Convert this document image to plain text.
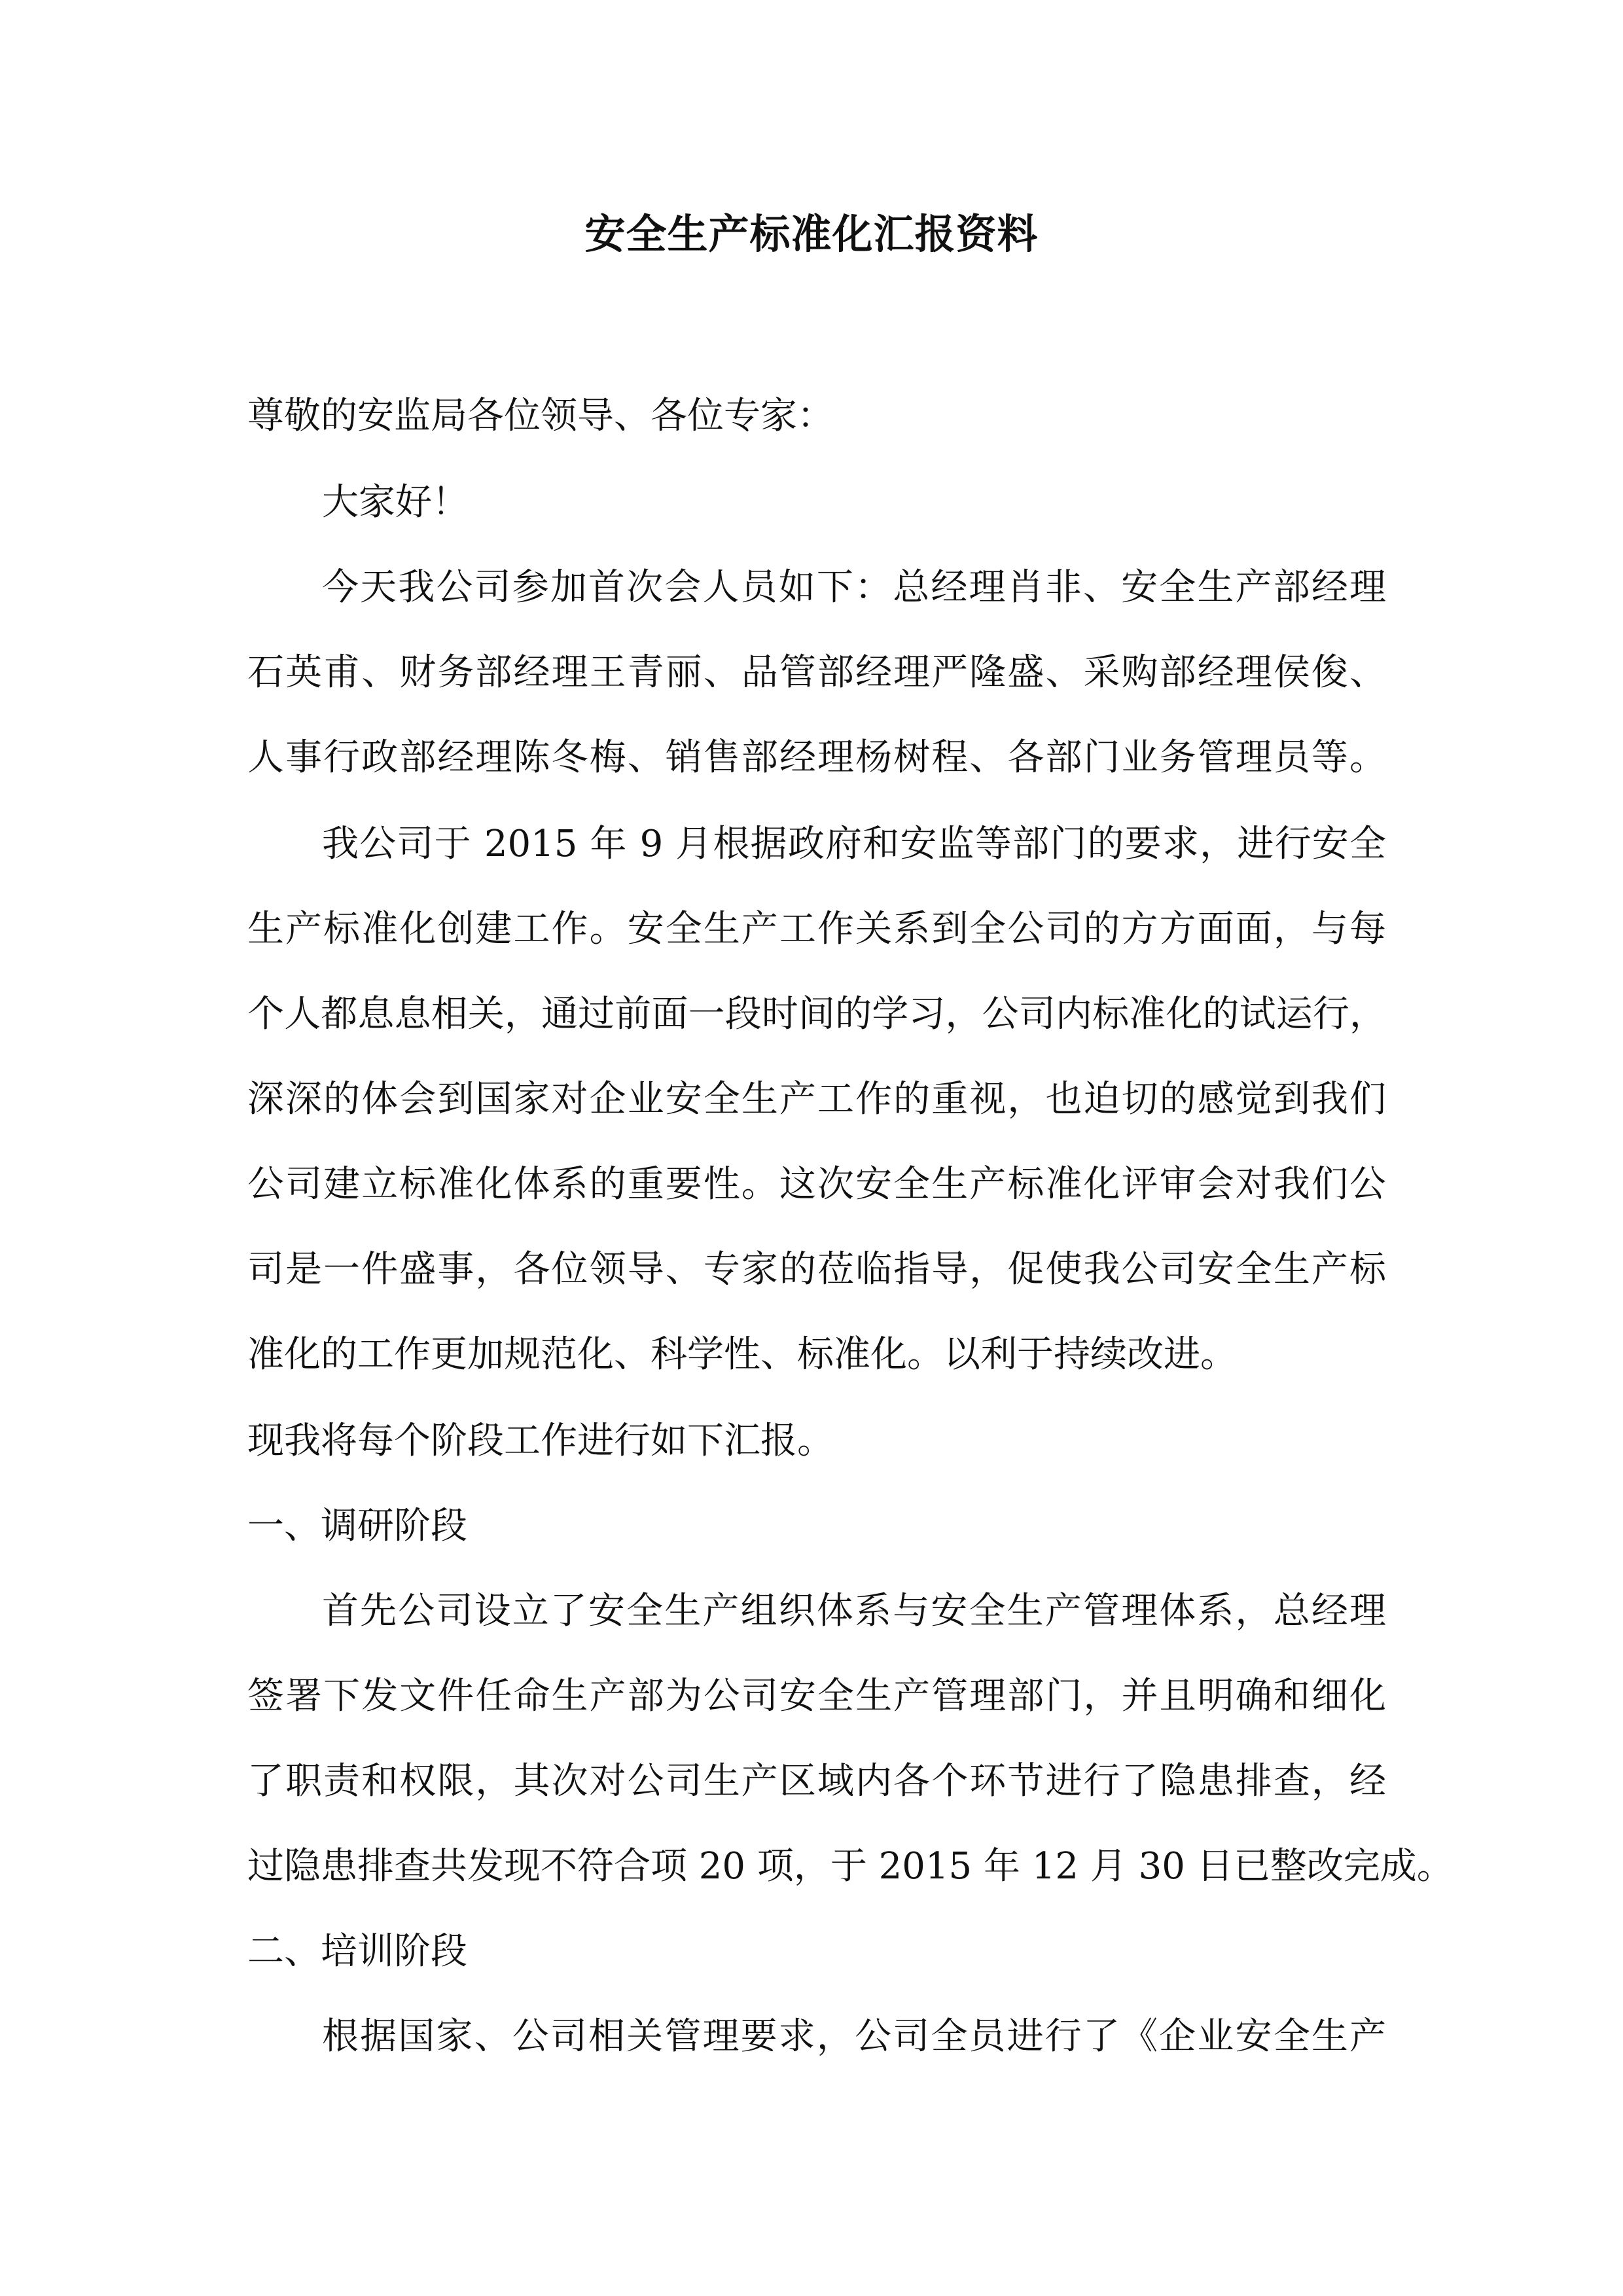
安全生产标准化汇报资料
尊敬的安监局各位领导、各位专家：
大家好！
今天我公司参加首次会人员如下：总经理肖非、安全生产部经理
石英甫、财务部经理王青丽、品管部经理严隆盛、采购部经理侯俊、
人事行政部经理陈冬梅、销售部经理杨树程、各部门业务管理员等。
我公司于 2015 年 9 月根据政府和安监等部门的要求，进行安全
生产标准化创建工作。安全生产工作关系到全公司的方方面面，与每
个人都息息相关，通过前面一段时间的学习，公司内标准化的试运行，
深深的体会到国家对企业安全生产工作的重视，也迫切的感觉到我们
公司建立标准化体系的重要性。这次安全生产标准化评审会对我们公
司是一件盛事，各位领导、专家的莅临指导，促使我公司安全生产标
准化的工作更加规范化、科学性、标准化。以利于持续改进。
现我将每个阶段工作进行如下汇报。
一、调研阶段
首先公司设立了安全生产组织体系与安全生产管理体系，总经理
签署下发文件任命生产部为公司安全生产管理部门，并且明确和细化
了职责和权限，其次对公司生产区域内各个环节进行了隐患排查，经
过隐患排查共发现不符合项 20 项，于 2015 年 12 月 30 日已整改完成。
二、培训阶段
根据国家、公司相关管理要求，公司全员进行了《企业安全生产
